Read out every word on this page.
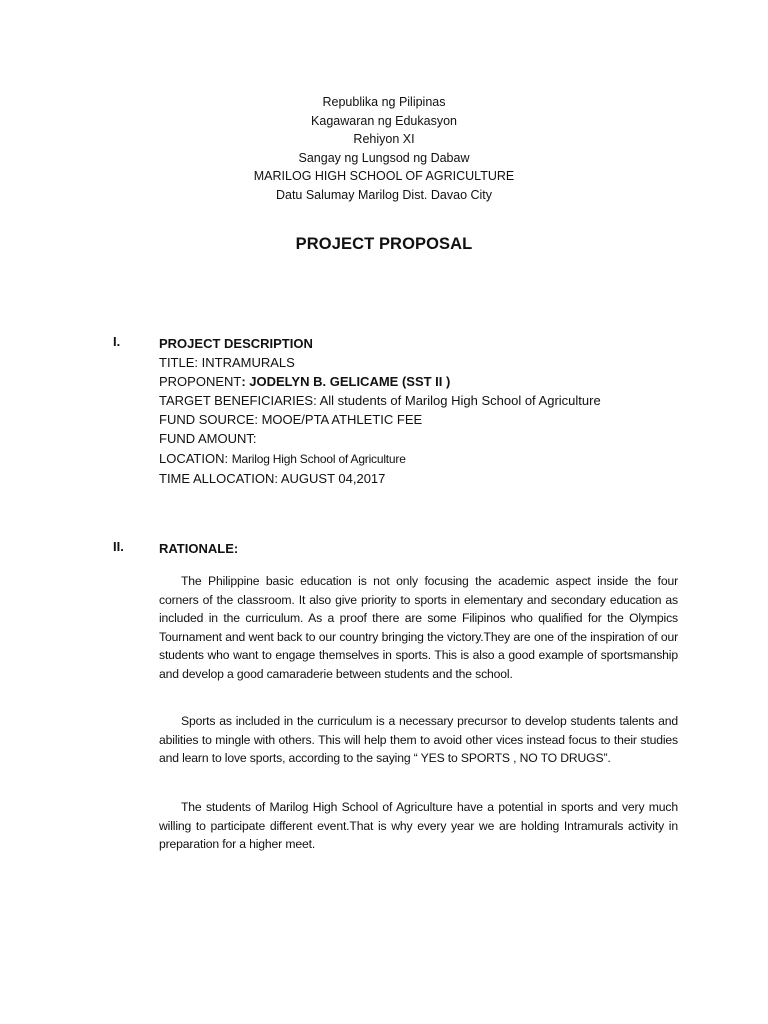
Republika ng Pilipinas
Kagawaran ng Edukasyon
Rehiyon XI
Sangay ng Lungsod ng Dabaw
MARILOG HIGH SCHOOL OF AGRICULTURE
Datu Salumay Marilog Dist. Davao City
PROJECT PROPOSAL
I.	PROJECT DESCRIPTION
TITLE: INTRAMURALS
PROPONENT: JODELYN B. GELICAME (SST II )
TARGET BENEFICIARIES: All students of Marilog High School of Agriculture
FUND SOURCE: MOOE/PTA ATHLETIC FEE
FUND AMOUNT:
LOCATION: Marilog High School of Agriculture
TIME ALLOCATION: AUGUST 04,2017
II.	RATIONALE:
The Philippine basic education is not only focusing the academic aspect inside the four corners of the classroom. It also give priority to sports in elementary and secondary education as included in the curriculum. As a proof there are some Filipinos who qualified for the Olympics Tournament and went back to our country bringing the victory.They are one of the inspiration of our students who want to engage themselves in sports. This is also a good example of sportsmanship and develop a good camaraderie between students and the school.
Sports as included in the curriculum is a necessary precursor to develop students talents and abilities to mingle with others. This will help them to avoid other vices instead focus to their studies and learn to love sports, according to the saying “ YES to SPORTS , NO TO DRUGS”.
The students of Marilog High School of Agriculture have a potential in sports and very much willing to participate different event.That is why every year we are holding Intramurals activity in preparation for a higher meet.
